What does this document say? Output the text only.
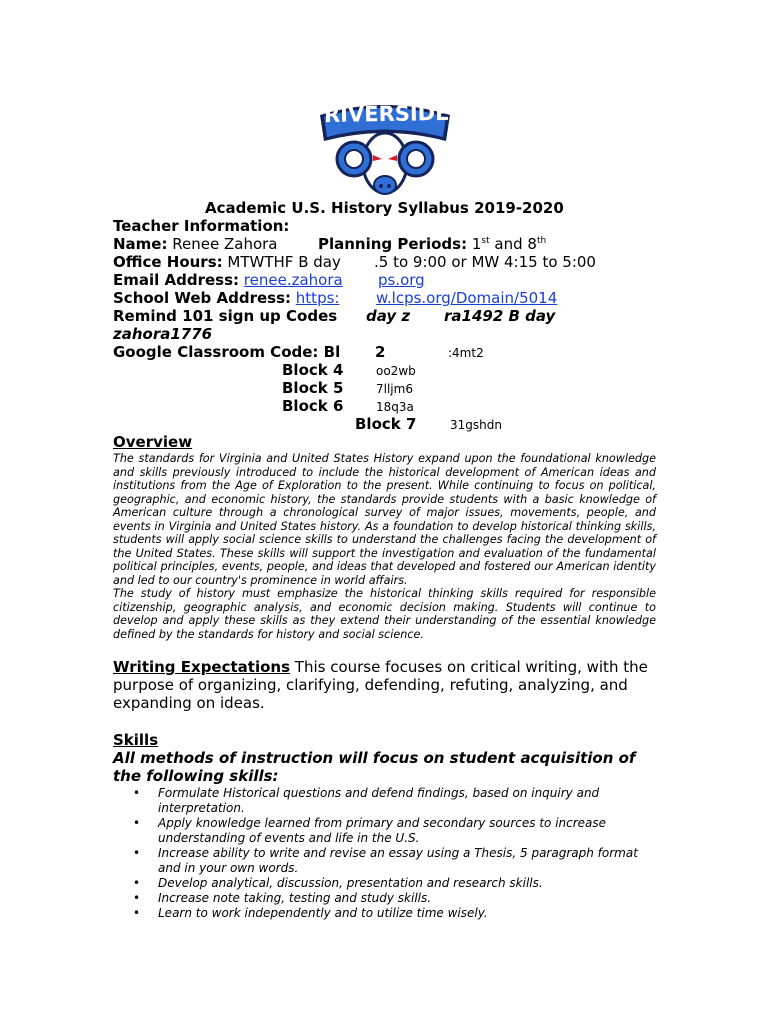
RIVERSIDE
Academic U.S. History Syllabus 2019-2020
Teacher Information:
Name: Renee Zahora	Planning Periods: 1st and 8th
Office Hours: MTWTHF B day .5 to 9:00 or MW 4:15 to 5:00
Email Address: renee.zahora ps.org
School Web Address: https: w.lcps.org/Domain/5014
Remind 101 sign up Codes day z ra1492 B day
zahora1776
Google Classroom Code: Bl 2	:4mt2
Block 4	oo2wb
Block 5	7lljm6
Block 6	18q3a
Block 7	31gshdn
Overview

The standards for Virginia and United States History expand upon the foundational knowledge and skills previously introduced to include the historical development of American ideas and institutions from the Age of Exploration to the present. While continuing to focus on political, geographic, and economic history, the standards provide students with a basic knowledge of American culture through a chronological survey of major issues, movements, people, and events in Virginia and United States history. As a foundation to develop historical thinking skills, students will apply social science skills to understand the challenges facing the development of the United States. These skills will support the investigation and evaluation of the fundamental political principles, events, people, and ideas that developed and fostered our American identity and led to our country's prominence in world affairs.

The study of history must emphasize the historical thinking skills required for responsible citizenship, geographic analysis, and economic decision making. Students will continue to develop and apply these skills as they extend their understanding of the essential knowledge defined by the standards for history and social science.

Writing Expectations This course focuses on critical writing, with the purpose of organizing, clarifying, defending, refuting, analyzing, and expanding on ideas.
Skills
All methods of instruction will focus on student acquisition of the following skills:
• Formulate Historical questions and defend findings, based on inquiry and interpretation.
• Apply knowledge learned from primary and secondary sources to increase understanding of events and life in the U.S.
• Increase ability to write and revise an essay using a Thesis, 5 paragraph format and in your own words.
• Develop analytical, discussion, presentation and research skills.
• Increase note taking, testing and study skills.
• Learn to work independently and to utilize time wisely.
